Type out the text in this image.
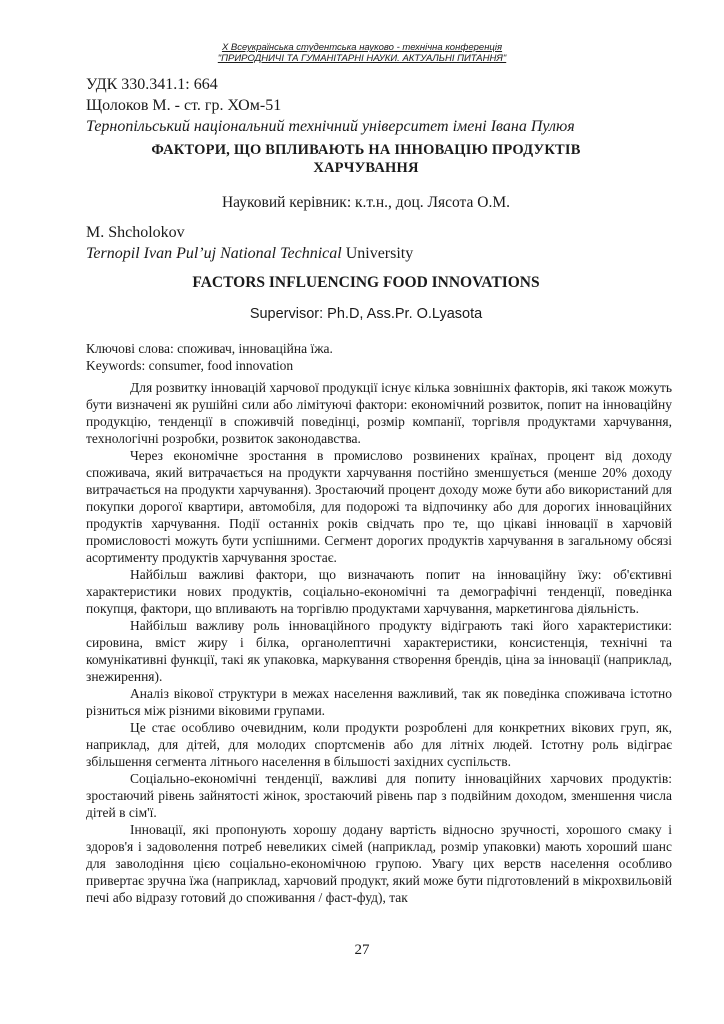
X Всеукраїнська студентська науково - технічна конференція
"ПРИРОДНИЧІ ТА ГУМАНІТАРНІ НАУКИ. АКТУАЛЬНІ ПИТАННЯ"
УДК 330.341.1: 664
Щолоков М. - ст. гр. ХОм-51
Тернопільський національний технічний університет імені Івана Пулюя
ФАКТОРИ, ЩО ВПЛИВАЮТЬ НА ІННОВАЦІЮ ПРОДУКТІВ
ХАРЧУВАННЯ
Науковий керівник: к.т.н., доц. Лясота О.М.
M. Shcholokov
Ternopil Ivan Pul’uj National Technical University
FACTORS INFLUENCING FOOD INNOVATIONS
Supervisor: Ph.D, Ass.Pr. O.Lyasota
Ключові слова: споживач, інноваційна їжа.
Keywords: consumer, food innovation

Для розвитку інновацій харчової продукції існує кілька зовнішніх факторів, які також можуть бути визначені як рушійні сили або лімітуючі фактори: економічний розвиток, попит на інноваційну продукцію, тенденції в споживчій поведінці, розмір компанії, торгівля продуктами харчування, технологічні розробки, розвиток законодавства.

Через економічне зростання в промислово розвинених країнах, процент від доходу споживача, який витрачається на продукти харчування постійно зменшується (менше 20% доходу витрачається на продукти харчування). Зростаючий процент доходу може бути або використаний для покупки дорогої квартири, автомобіля, для подорожі та відпочинку або для дорогих інноваційних продуктів харчування. Події останніх років свідчать про те, що цікаві інновації в харчовій промисловості можуть бути успішними. Сегмент дорогих продуктів харчування в загальному обсязі асортименту продуктів харчування зростає.

Найбільш важливі фактори, що визначають попит на інноваційну їжу: об'єктивні характеристики нових продуктів, соціально-економічні та демографічні тенденції, поведінка покупця, фактори, що впливають на торгівлю продуктами харчування, маркетингова діяльність.

Найбільш важливу роль інноваційного продукту відіграють такі його характеристики: сировина, вміст жиру і білка, органолептичні характеристики, консистенція, технічні та комунікативні функції, такі як упаковка, маркування створення брендів, ціна за інновації (наприклад, знежирення).

Аналіз вікової структури в межах населення важливий, так як поведінка споживача істотно різниться між різними віковими групами.

Це стає особливо очевидним, коли продукти розроблені для конкретних вікових груп, як, наприклад, для дітей, для молодих спортсменів або для літніх людей. Істотну роль відіграє збільшення сегмента літнього населення в більшості західних суспільств.

Соціально-економічні тенденції, важливі для попиту інноваційних харчових продуктів: зростаючий рівень зайнятості жінок, зростаючий рівень пар з подвійним доходом, зменшення числа дітей в сім'ї.

Інновації, які пропонують хорошу додану вартість відносно зручності, хорошого смаку і здоров'я і задоволення потреб невеликих сімей (наприклад, розмір упаковки) мають хороший шанс для заволодіння цією соціально-економічною групою. Увагу цих верств населення особливо привертає зручна їжа (наприклад, харчовий продукт, який може бути підготовлений в мікрохвильовій печі або відразу готовий до споживання / фаст-фуд), так

27
